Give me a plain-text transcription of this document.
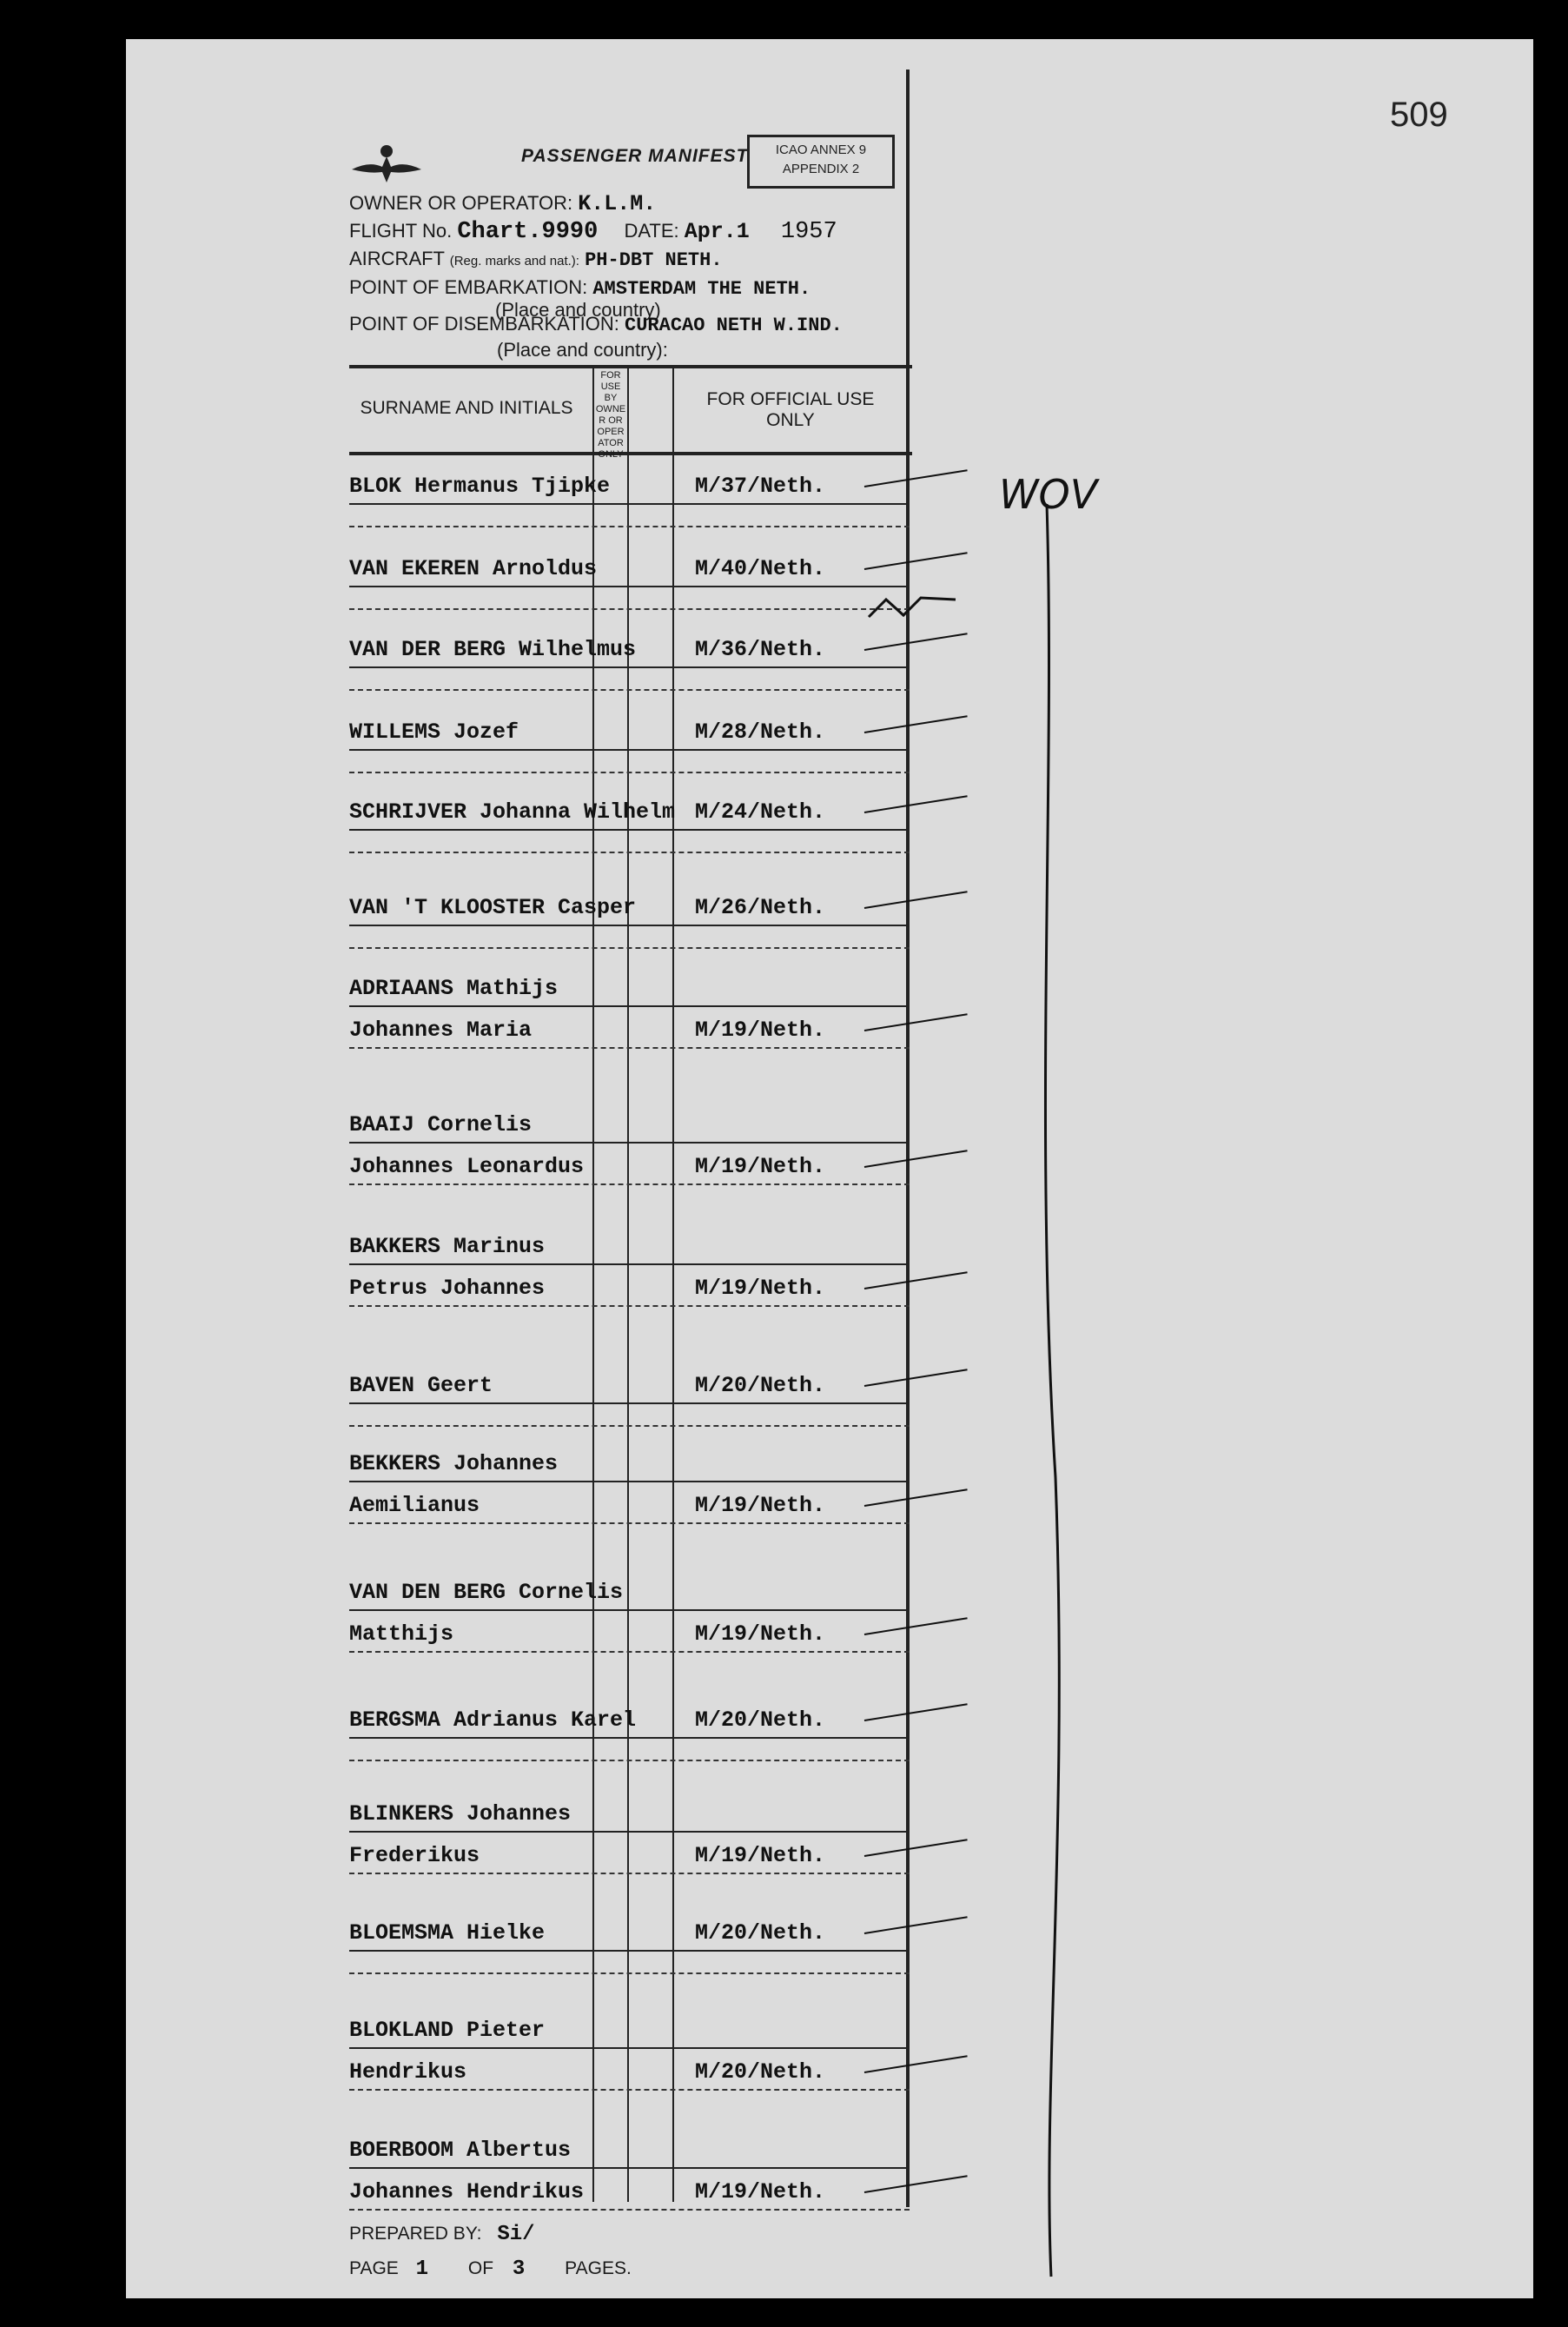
509
PASSENGER MANIFEST	ICAO ANNEX 9
APPENDIX 2
OWNER OR OPERATOR: K.L.M.
FLIGHT No. Chart.9990 DATE: Apr.1 1957
AIRCRAFT (Reg. marks and nat.): PH-DBT NETH.
POINT OF EMBARKATION: AMSTERDAM THE NETH.
(Place and country)
POINT OF DISEMBARKATION: CURACAO NETH W.IND.
(Place and country):
SURNAME AND INITIALS
FOR USE BY OWNER OR OPERATOR ONLY
FOR OFFICIAL USE ONLY
BLOK Hermanus Tjipke	M/37/Neth.
VAN EKEREN Arnoldus	M/40/Neth.
VAN DER BERG Wilhelmus	M/36/Neth.
WILLEMS Jozef	M/28/Neth.
SCHRIJVER Johanna Wilhelm M/24/Neth.
VAN 'T KLOOSTER Casper	M/26/Neth.
ADRIAANS Mathijs
Johannes Maria	M/19/Neth.
BAAIJ Cornelis
Johannes Leonardus	M/19/Neth.
BAKKERS Marinus
Petrus Johannes	M/19/Neth.
BAVEN Geert	M/20/Neth.
BEKKERS Johannes
Aemilianus	M/19/Neth.
VAN DEN BERG Cornelis
Matthijs	M/19/Neth.
BERGSMA Adrianus Karel	M/20/Neth.
BLINKERS Johannes
Frederikus	M/19/Neth.
BLOEMSMA Hielke	M/20/Neth.
BLOKLAND Pieter
Hendrikus	M/20/Neth.
BOERBOOM Albertus
Johannes Hendrikus	M/19/Neth.
PREPARED BY: Si/
PAGE 1 OF 3 PAGES.
WOV
